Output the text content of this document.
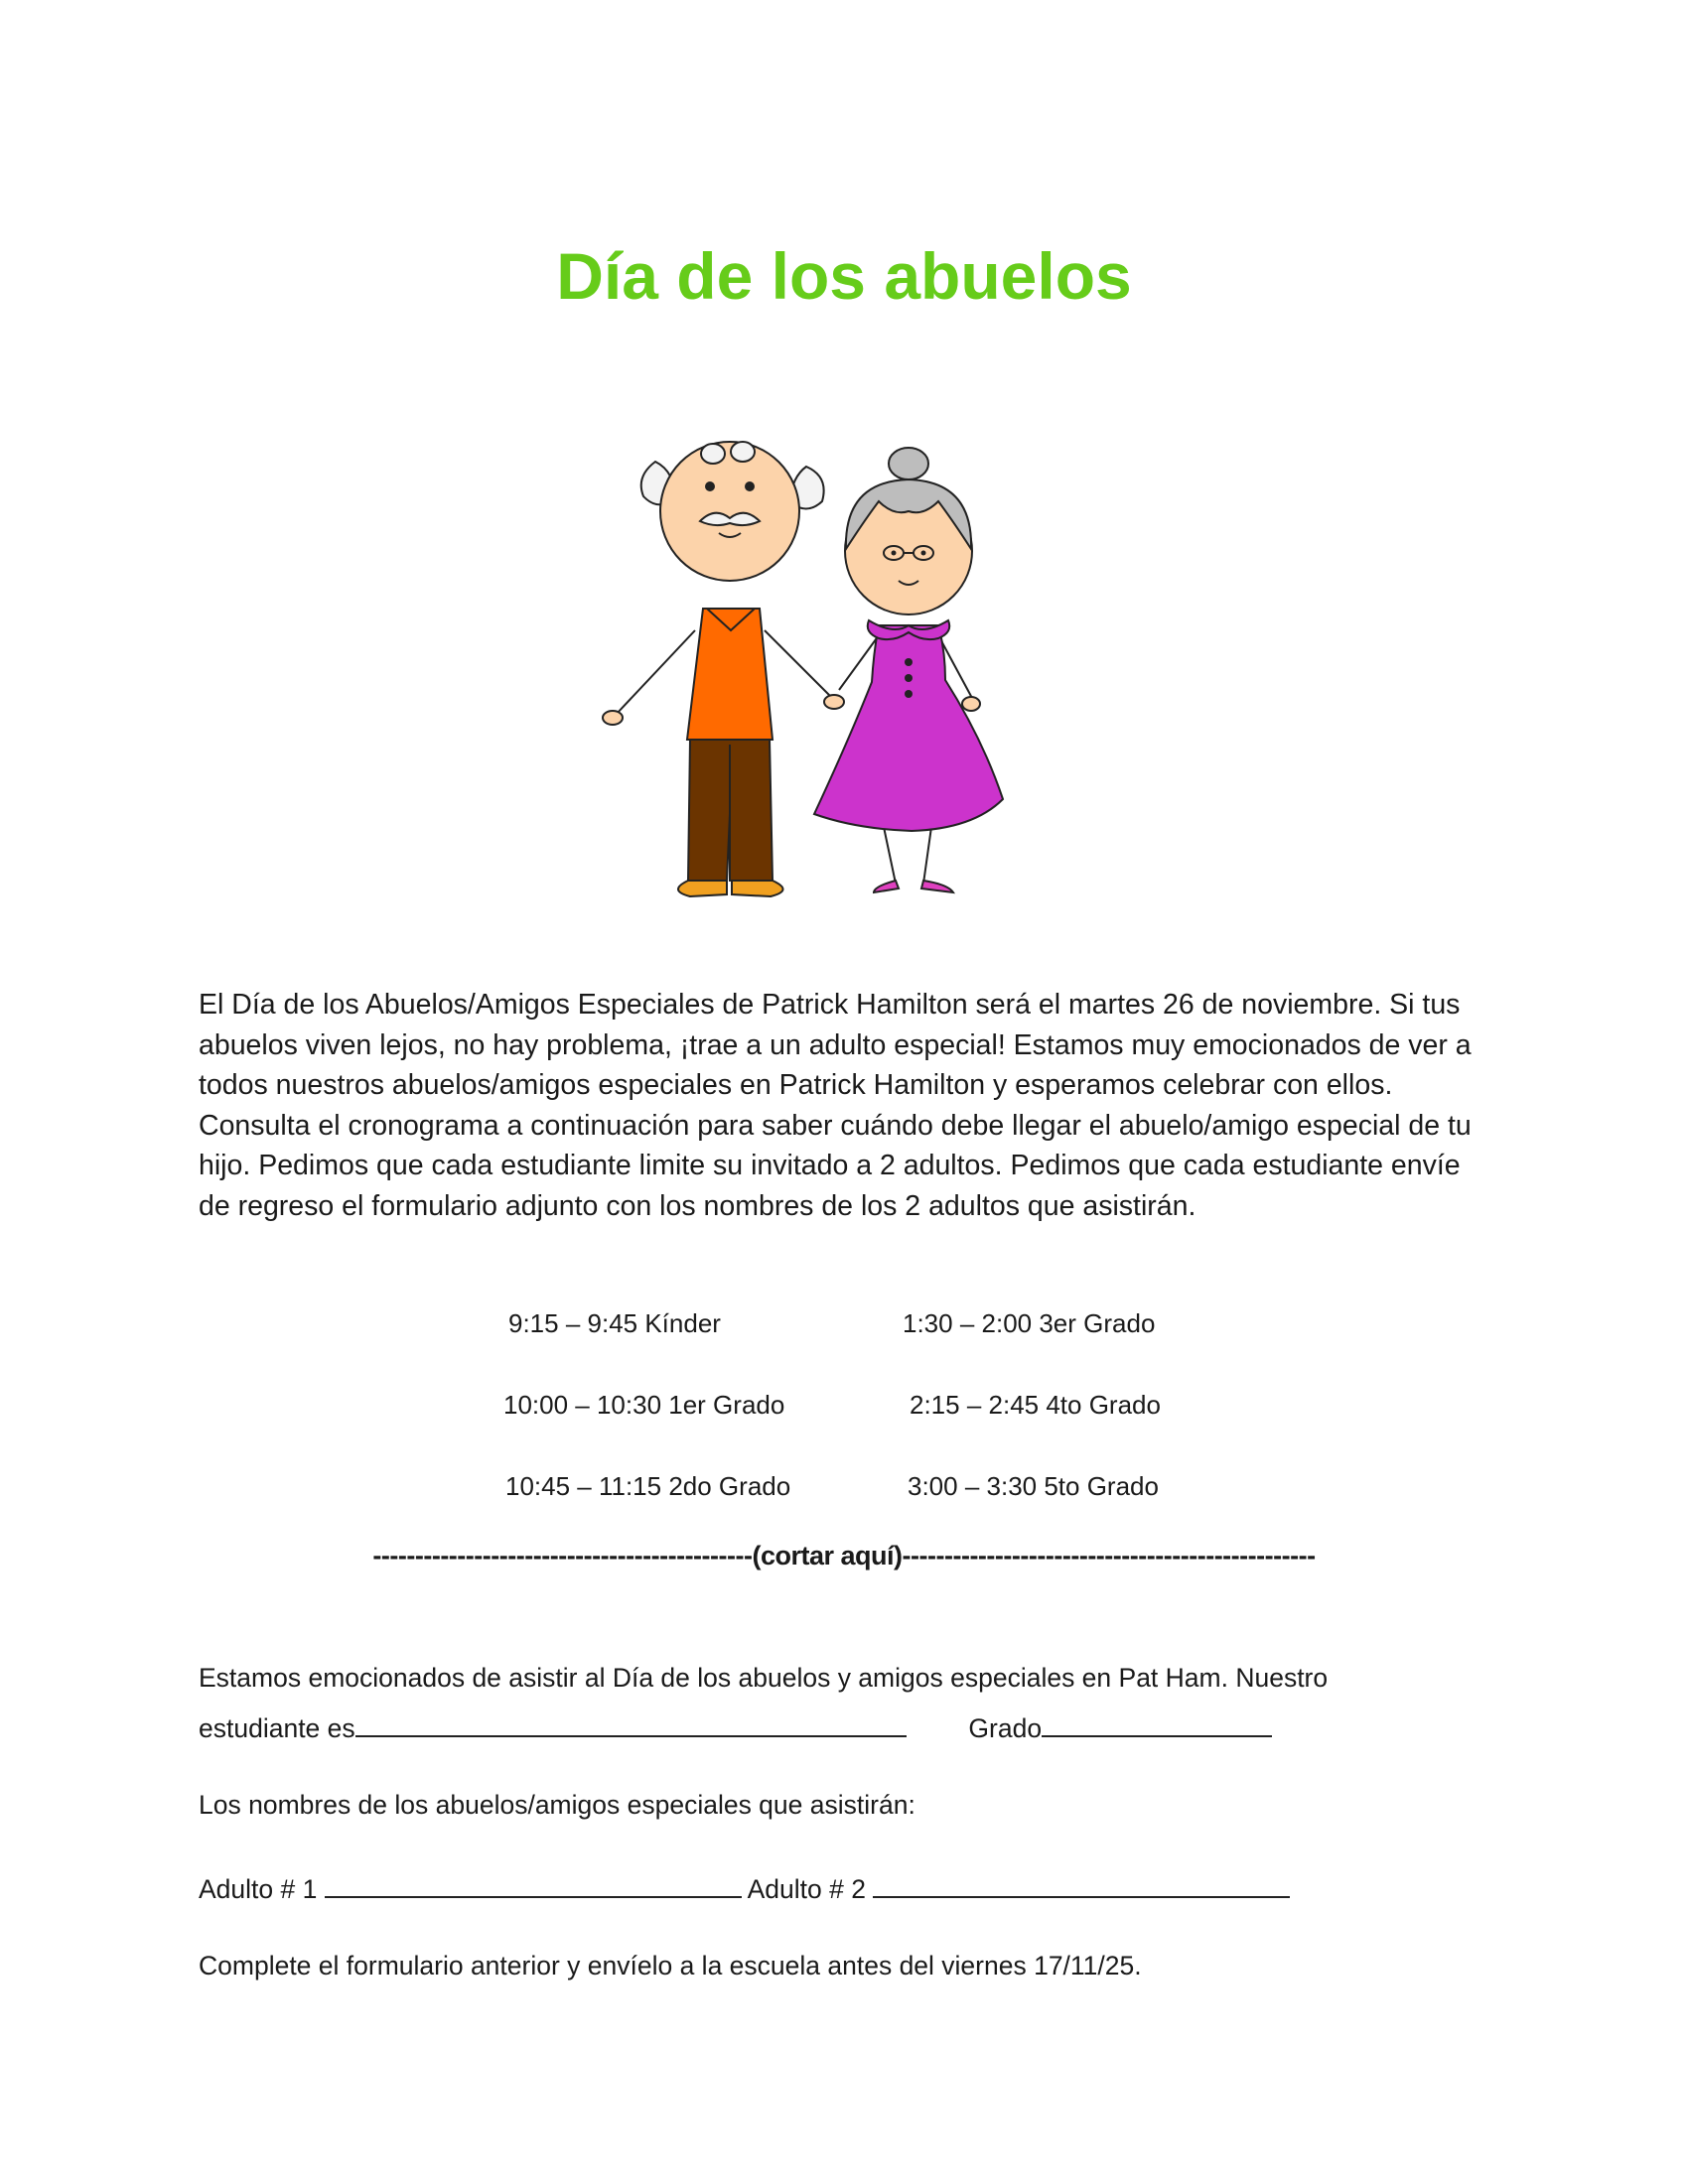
Día de los abuelos

El Día de los Abuelos/Amigos Especiales de Patrick Hamilton será el martes 26 de noviembre. Si tus abuelos viven lejos, no hay problema, ¡trae a un adulto especial! Estamos muy emocionados de ver a todos nuestros abuelos/amigos especiales en Patrick Hamilton y esperamos celebrar con ellos. Consulta el cronograma a continuación para saber cuándo debe llegar el abuelo/amigo especial de tu hijo. Pedimos que cada estudiante limite su invitado a 2 adultos. Pedimos que cada estudiante envíe de regreso el formulario adjunto con los nombres de los 2 adultos que asistirán.

9:15 – 9:45 Kínder
10:00 – 10:30 1er Grado
10:45 – 11:15 2do Grado
1:30 – 2:00 3er Grado
2:15 – 2:45 4to Grado
3:00 – 3:30 5to Grado
---------------------------------------------(cortar aquí)-------------------------------------------------
Estamos emocionados de asistir al Día de los abuelos y amigos especiales en Pat Ham. Nuestro
estudiante es	Grado
Los nombres de los abuelos/amigos especiales que asistirán:
Adulto # 1	Adulto # 2
Complete el formulario anterior y envíelo a la escuela antes del viernes 17/11/25.
